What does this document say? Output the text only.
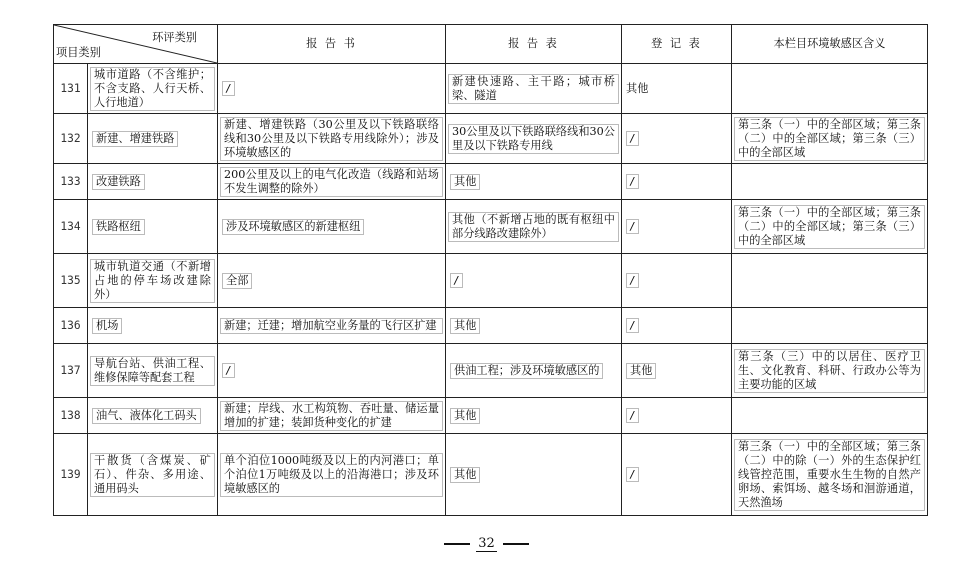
环评类别
项目类别		报 告 书	报 告 表	登 记 表	本栏目环境敏感区含义
131	城市道路（不含维护；不含支路、人行天桥、人行地道）	/	新建快速路、主干路；城市桥梁、隧道	其他	

132	新建、增建铁路	新建、增建铁路（30公里及以下铁路联络线和30公里及以下铁路专用线除外）；涉及环境敏感区的	30公里及以下铁路联络线和30公里及以下铁路专用线	/	第三条（一）中的全部区域；第三条（二）中的全部区域；第三条（三）中的全部区域

133	改建铁路	200公里及以上的电气化改造（线路和站场不发生调整的除外）	其他	/	

134	铁路枢纽	涉及环境敏感区的新建枢纽	其他（不新增占地的既有枢纽中部分线路改建除外）	/	第三条（一）中的全部区域；第三条（二）中的全部区域；第三条（三）中的全部区域

135	城市轨道交通（不新增占地的停车场改建除外）	全部	/	/	

136	机场	新建；迁建；增加航空业务量的飞行区扩建	其他	/	

137	导航台站、供油工程、维修保障等配套工程	/	供油工程；涉及环境敏感区的	其他	第三条（三）中的以居住、医疗卫生、文化教育、科研、行政办公等为主要功能的区域

138	油气、液体化工码头	新建；岸线、水工构筑物、吞吐量、储运量增加的扩建；装卸货种变化的扩建	其他	/	

139	干散货（含煤炭、矿石）、件杂、多用途、通用码头	单个泊位1000吨级及以上的内河港口；单个泊位1万吨级及以上的沿海港口；涉及环境敏感区的	其他	/	第三条（一）中的全部区域；第三条（二）中的除（一）外的生态保护红线管控范围，重要水生生物的自然产卵场、索饵场、越冬场和洄游通道，天然渔场
32
